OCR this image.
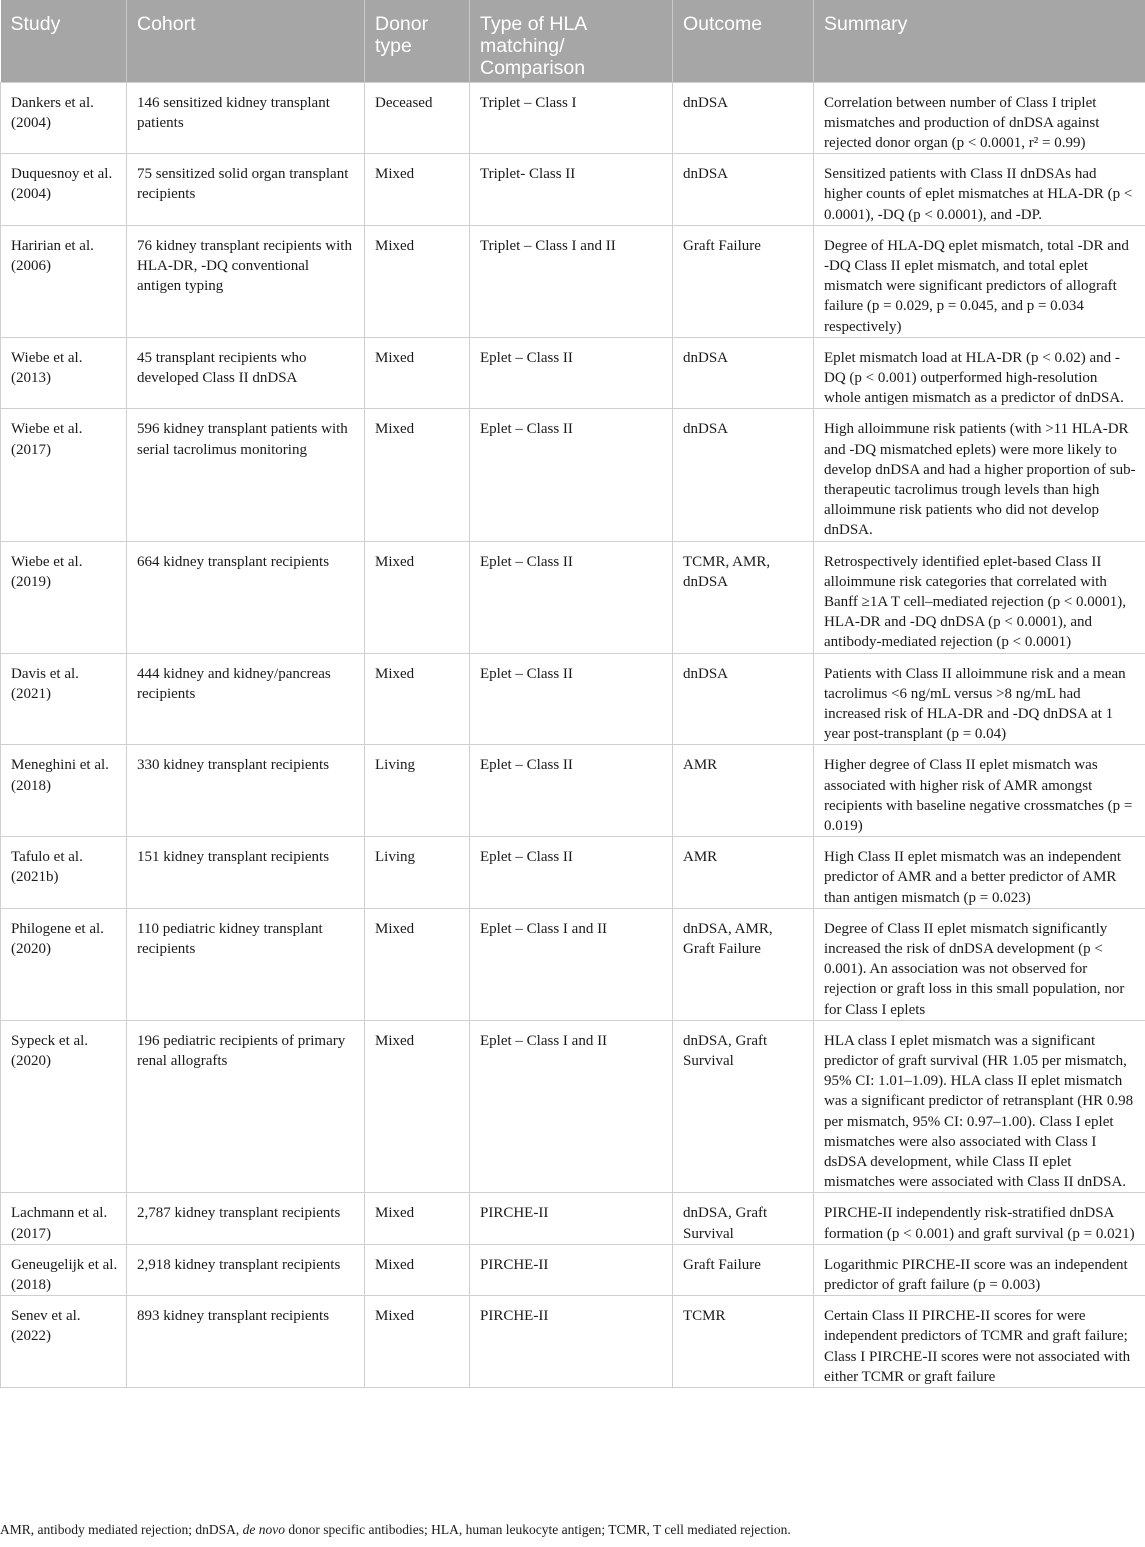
Study	Cohort	Donor type	Type of HLA matching/ Comparison	Outcome	Summary
Dankers et al. (2004)	146 sensitized kidney transplant patients	Deceased	Triplet – Class I	dnDSA	Correlation between number of Class I triplet mismatches and production of dnDSA against rejected donor organ (p < 0.0001, r² = 0.99)
Duquesnoy et al. (2004)	75 sensitized solid organ transplant recipients	Mixed	Triplet- Class II	dnDSA	Sensitized patients with Class II dnDSAs had higher counts of eplet mismatches at HLA-DR (p < 0.0001), -DQ (p < 0.0001), and -DP.
Haririan et al. (2006)	76 kidney transplant recipients with HLA-DR, -DQ conventional antigen typing	Mixed	Triplet – Class I and II	Graft Failure	Degree of HLA-DQ eplet mismatch, total -DR and -DQ Class II eplet mismatch, and total eplet mismatch were significant predictors of allograft failure (p = 0.029, p = 0.045, and p = 0.034 respectively)
Wiebe et al. (2013)	45 transplant recipients who developed Class II dnDSA	Mixed	Eplet – Class II	dnDSA	Eplet mismatch load at HLA-DR (p < 0.02) and -DQ (p < 0.001) outperformed high-resolution whole antigen mismatch as a predictor of dnDSA.
Wiebe et al. (2017)	596 kidney transplant patients with serial tacrolimus monitoring	Mixed	Eplet – Class II	dnDSA	High alloimmune risk patients (with >11 HLA-DR and -DQ mismatched eplets) were more likely to develop dnDSA and had a higher proportion of sub-therapeutic tacrolimus trough levels than high alloimmune risk patients who did not develop dnDSA.
Wiebe et al. (2019)	664 kidney transplant recipients	Mixed	Eplet – Class II	TCMR, AMR, dnDSA	Retrospectively identified eplet-based Class II alloimmune risk categories that correlated with Banff ≥1A T cell–mediated rejection (p < 0.0001), HLA-DR and -DQ dnDSA (p < 0.0001), and antibody-mediated rejection (p < 0.0001)
Davis et al. (2021)	444 kidney and kidney/pancreas recipients	Mixed	Eplet – Class II	dnDSA	Patients with Class II alloimmune risk and a mean tacrolimus <6 ng/mL versus >8 ng/mL had increased risk of HLA-DR and -DQ dnDSA at 1 year post-transplant (p = 0.04)
Meneghini et al. (2018)	330 kidney transplant recipients	Living	Eplet – Class II	AMR	Higher degree of Class II eplet mismatch was associated with higher risk of AMR amongst recipients with baseline negative crossmatches (p = 0.019)
Tafulo et al. (2021b)	151 kidney transplant recipients	Living	Eplet – Class II	AMR	High Class II eplet mismatch was an independent predictor of AMR and a better predictor of AMR than antigen mismatch (p = 0.023)
Philogene et al. (2020)	110 pediatric kidney transplant recipients	Mixed	Eplet – Class I and II	dnDSA, AMR, Graft Failure	Degree of Class II eplet mismatch significantly increased the risk of dnDSA development (p < 0.001). An association was not observed for rejection or graft loss in this small population, nor for Class I eplets
Sypeck et al. (2020)	196 pediatric recipients of primary renal allografts	Mixed	Eplet – Class I and II	dnDSA, Graft Survival	HLA class I eplet mismatch was a significant predictor of graft survival (HR 1.05 per mismatch, 95% CI: 1.01–1.09). HLA class II eplet mismatch was a significant predictor of retransplant (HR 0.98 per mismatch, 95% CI: 0.97–1.00). Class I eplet mismatches were also associated with Class I dsDSA development, while Class II eplet mismatches were associated with Class II dnDSA.
Lachmann et al. (2017)	2,787 kidney transplant recipients	Mixed	PIRCHE-II	dnDSA, Graft Survival	PIRCHE-II independently risk-stratified dnDSA formation (p < 0.001) and graft survival (p = 0.021)
Geneugelijk et al. (2018)	2,918 kidney transplant recipients	Mixed	PIRCHE-II	Graft Failure	Logarithmic PIRCHE-II score was an independent predictor of graft failure (p = 0.003)
Senev et al. (2022)	893 kidney transplant recipients	Mixed	PIRCHE-II	TCMR	Certain Class II PIRCHE-II scores for were independent predictors of TCMR and graft failure; Class I PIRCHE-II scores were not associated with either TCMR or graft failure
AMR, antibody mediated rejection; dnDSA, de novo donor specific antibodies; HLA, human leukocyte antigen; TCMR, T cell mediated rejection.
